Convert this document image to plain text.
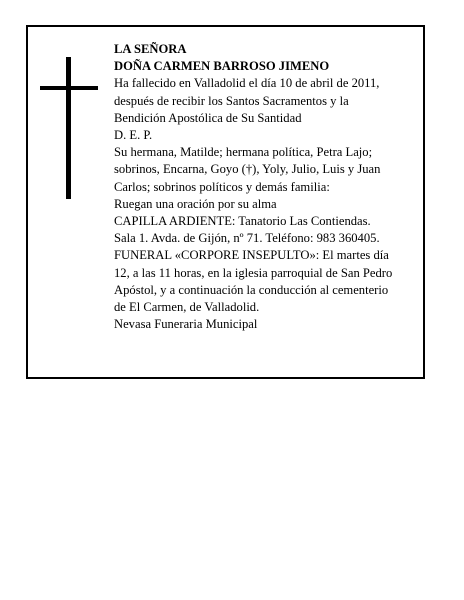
LA SEÑORA
DOÑA CARMEN BARROSO JIMENO
Ha fallecido en Valladolid el día 10 de abril de 2011,
después de recibir los Santos Sacramentos y la
Bendición Apostólica de Su Santidad
D. E. P.
Su hermana, Matilde; hermana política, Petra Lajo;
sobrinos, Encarna, Goyo (†), Yoly, Julio, Luis y Juan
Carlos; sobrinos políticos y demás familia:
Ruegan una oración por su alma
CAPILLA ARDIENTE: Tanatorio Las Contiendas.
Sala 1. Avda. de Gijón, nº 71. Teléfono: 983 360405.
FUNERAL «CORPORE INSEPULTO»: El martes día
12, a las 11 horas, en la iglesia parroquial de San Pedro
Apóstol, y a continuación la conducción al cementerio
de El Carmen, de Valladolid.
Nevasa Funeraria Municipal
